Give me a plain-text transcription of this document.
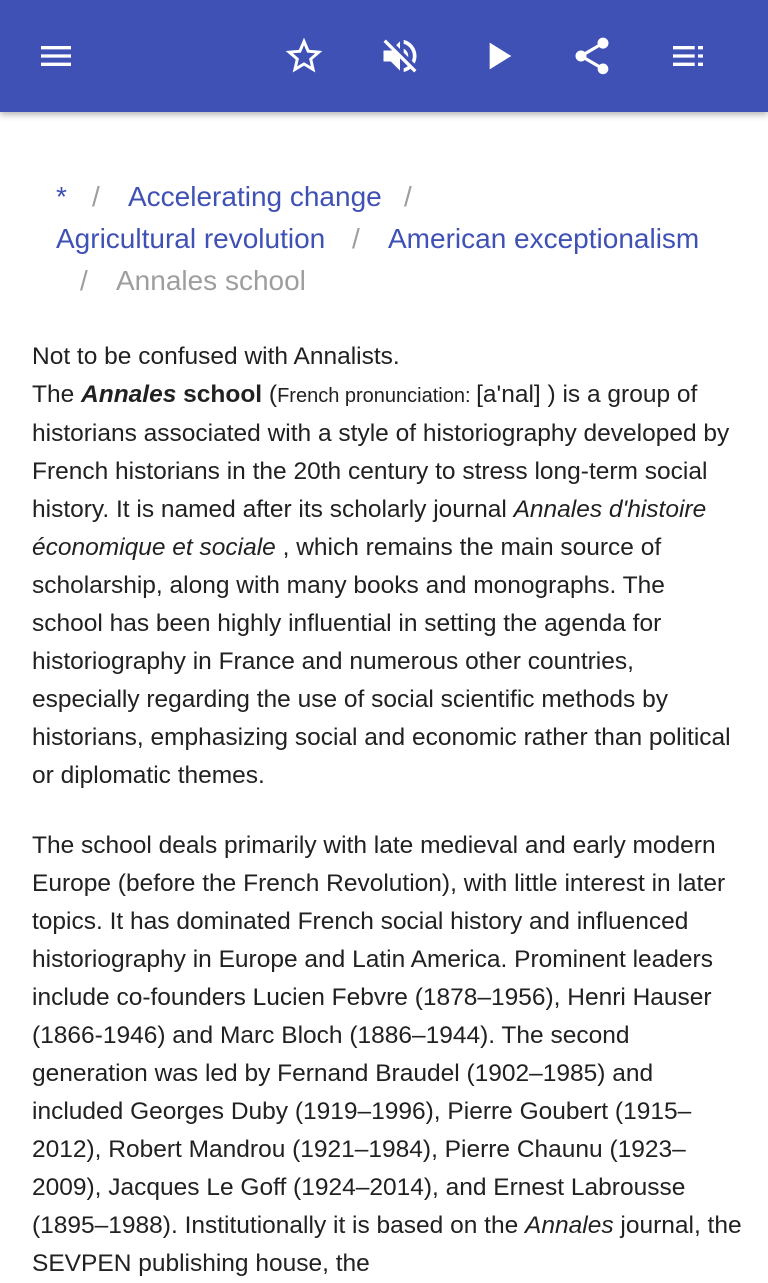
* / Accelerating change /
Agricultural revolution / American exceptionalism
/ Annales school

Not to be confused with Annalists.

The Annales school (French pronunciation: [a'nal] ) is a group of historians associated with a style of historiography developed by French historians in the 20th century to stress long-term social history. It is named after its scholarly journal Annales d'histoire économique et sociale , which remains the main source of scholarship, along with many books and monographs. The school has been highly influential in setting the agenda for historiography in France and numerous other countries, especially regarding the use of social scientific methods by historians, emphasizing social and economic rather than political or diplomatic themes.

The school deals primarily with late medieval and early modern Europe (before the French Revolution), with little interest in later topics. It has dominated French social history and influenced historiography in Europe and Latin America. Prominent leaders include co-founders Lucien Febvre (1878–1956), Henri Hauser (1866-1946) and Marc Bloch (1886–1944). The second generation was led by Fernand Braudel (1902–1985) and included Georges Duby (1919–1996), Pierre Goubert (1915–2012), Robert Mandrou (1921–1984), Pierre Chaunu (1923–2009), Jacques Le Goff (1924–2014), and Ernest Labrousse (1895–1988). Institutionally it is based on the Annales journal, the SEVPEN publishing house, the
